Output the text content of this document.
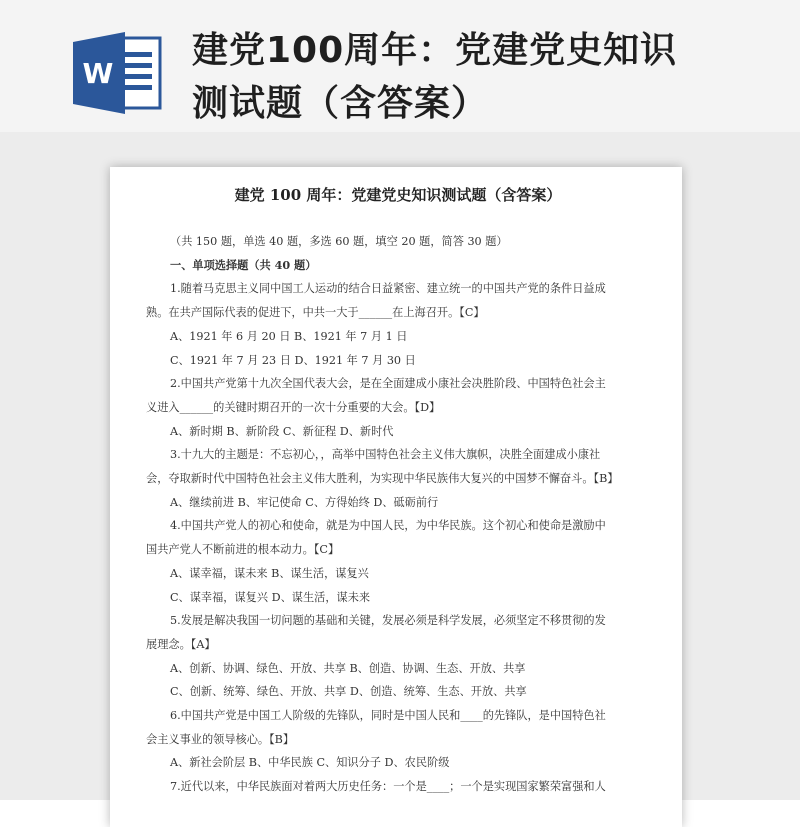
W
建党100周年：党建党史知识
测试题（含答案）
建党 100 周年：党建党史知识测试题（含答案）
（共 150 题，单选 40 题，多选 60 题，填空 20 题，简答 30 题）
一、单项选择题（共 40 题）
1.随着马克思主义同中国工人运动的结合日益紧密、建立统一的中国共产党的条件日益成
熟。在共产国际代表的促进下，中共一大于______在上海召开。【C】
A、1921 年 6 月 20 日 B、1921 年 7 月 1 日
C、1921 年 7 月 23 日 D、1921 年 7 月 30 日
2.中国共产党第十九次全国代表大会，是在全面建成小康社会决胜阶段、中国特色社会主
义进入______的关键时期召开的一次十分重要的大会。【D】
A、新时期 B、新阶段 C、新征程 D、新时代
3.十九大的主题是：不忘初心，，高举中国特色社会主义伟大旗帜，决胜全面建成小康社
会，夺取新时代中国特色社会主义伟大胜利，为实现中华民族伟大复兴的中国梦不懈奋斗。【B】
A、继续前进 B、牢记使命 C、方得始终 D、砥砺前行
4.中国共产党人的初心和使命，就是为中国人民，为中华民族。这个初心和使命是激励中
国共产党人不断前进的根本动力。【C】
A、谋幸福，谋未来 B、谋生活，谋复兴
C、谋幸福，谋复兴 D、谋生活，谋未来
5.发展是解决我国一切问题的基础和关键，发展必须是科学发展，必须坚定不移贯彻的发
展理念。【A】
A、创新、协调、绿色、开放、共享 B、创造、协调、生态、开放、共享
C、创新、统筹、绿色、开放、共享 D、创造、统筹、生态、开放、共享
6.中国共产党是中国工人阶级的先锋队，同时是中国人民和____的先锋队，是中国特色社
会主义事业的领导核心。【B】
A、新社会阶层 B、中华民族 C、知识分子 D、农民阶级
7.近代以来，中华民族面对着两大历史任务：一个是____；一个是实现国家繁荣富强和人
